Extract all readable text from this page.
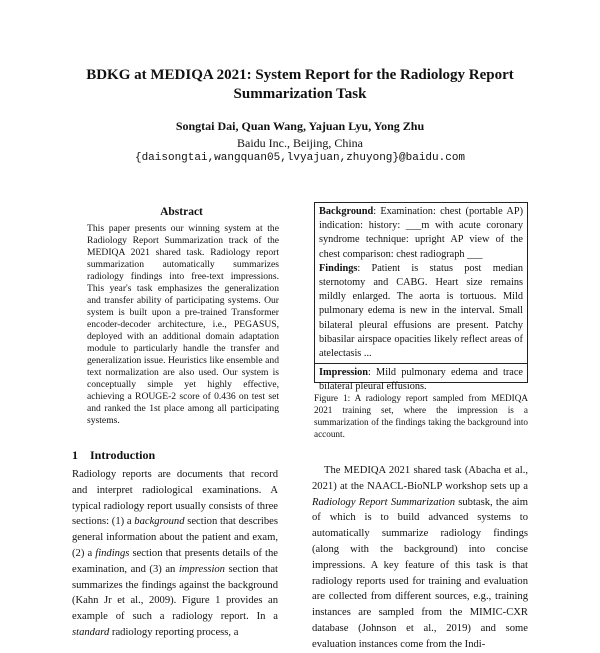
BDKG at MEDIQA 2021: System Report for the Radiology Report Summarization Task
Songtai Dai, Quan Wang, Yajuan Lyu, Yong Zhu
Baidu Inc., Beijing, China
{daisongtai,wangquan05,lvyajuan,zhuyong}@baidu.com
Abstract
This paper presents our winning system at the Radiology Report Summarization track of the MEDIQA 2021 shared task. Radiology report summarization automatically summarizes radiology findings into free-text impressions. This year's task emphasizes the generalization and transfer ability of participating systems. Our system is built upon a pre-trained Transformer encoder-decoder architecture, i.e., PEGASUS, deployed with an additional domain adaptation module to particularly handle the transfer and generalization issue. Heuristics like ensemble and text normalization are also used. Our system is conceptually simple yet highly effective, achieving a ROUGE-2 score of 0.436 on test set and ranked the 1st place among all participating systems.
1 Introduction
Radiology reports are documents that record and interpret radiological examinations. A typical radiology report usually consists of three sections: (1) a background section that describes general information about the patient and exam, (2) a findings section that presents details of the examination, and (3) an impression section that summarizes the findings against the background (Kahn Jr et al., 2009). Figure 1 provides an example of such a radiology report. In a standard radiology reporting process, a
Background: Examination: chest (portable AP) indication: history: ___m with acute coronary syndrome technique: upright AP view of the chest comparison: chest radiograph ___
Findings: Patient is status post median sternotomy and CABG. Heart size remains mildly enlarged. The aorta is tortuous. Mild pulmonary edema is new in the interval. Small bilateral pleural effusions are present. Patchy bibasilar airspace opacities likely reflect areas of atelectasis ...
Impression: Mild pulmonary edema and trace bilateral pleural effusions.
Figure 1: A radiology report sampled from MEDIQA 2021 training set, where the impression is a summarization of the findings taking the background into account.
The MEDIQA 2021 shared task (Abacha et al., 2021) at the NAACL-BioNLP workshop sets up a Radiology Report Summarization subtask, the aim of which is to build advanced systems to automatically summarize radiology findings (along with the background) into concise impressions. A key feature of this task is that radiology reports used for training and evaluation are collected from different sources, e.g., training instances are sampled from the MIMIC-CXR database (Johnson et al., 2019) and some evaluation instances come from the Indi-
